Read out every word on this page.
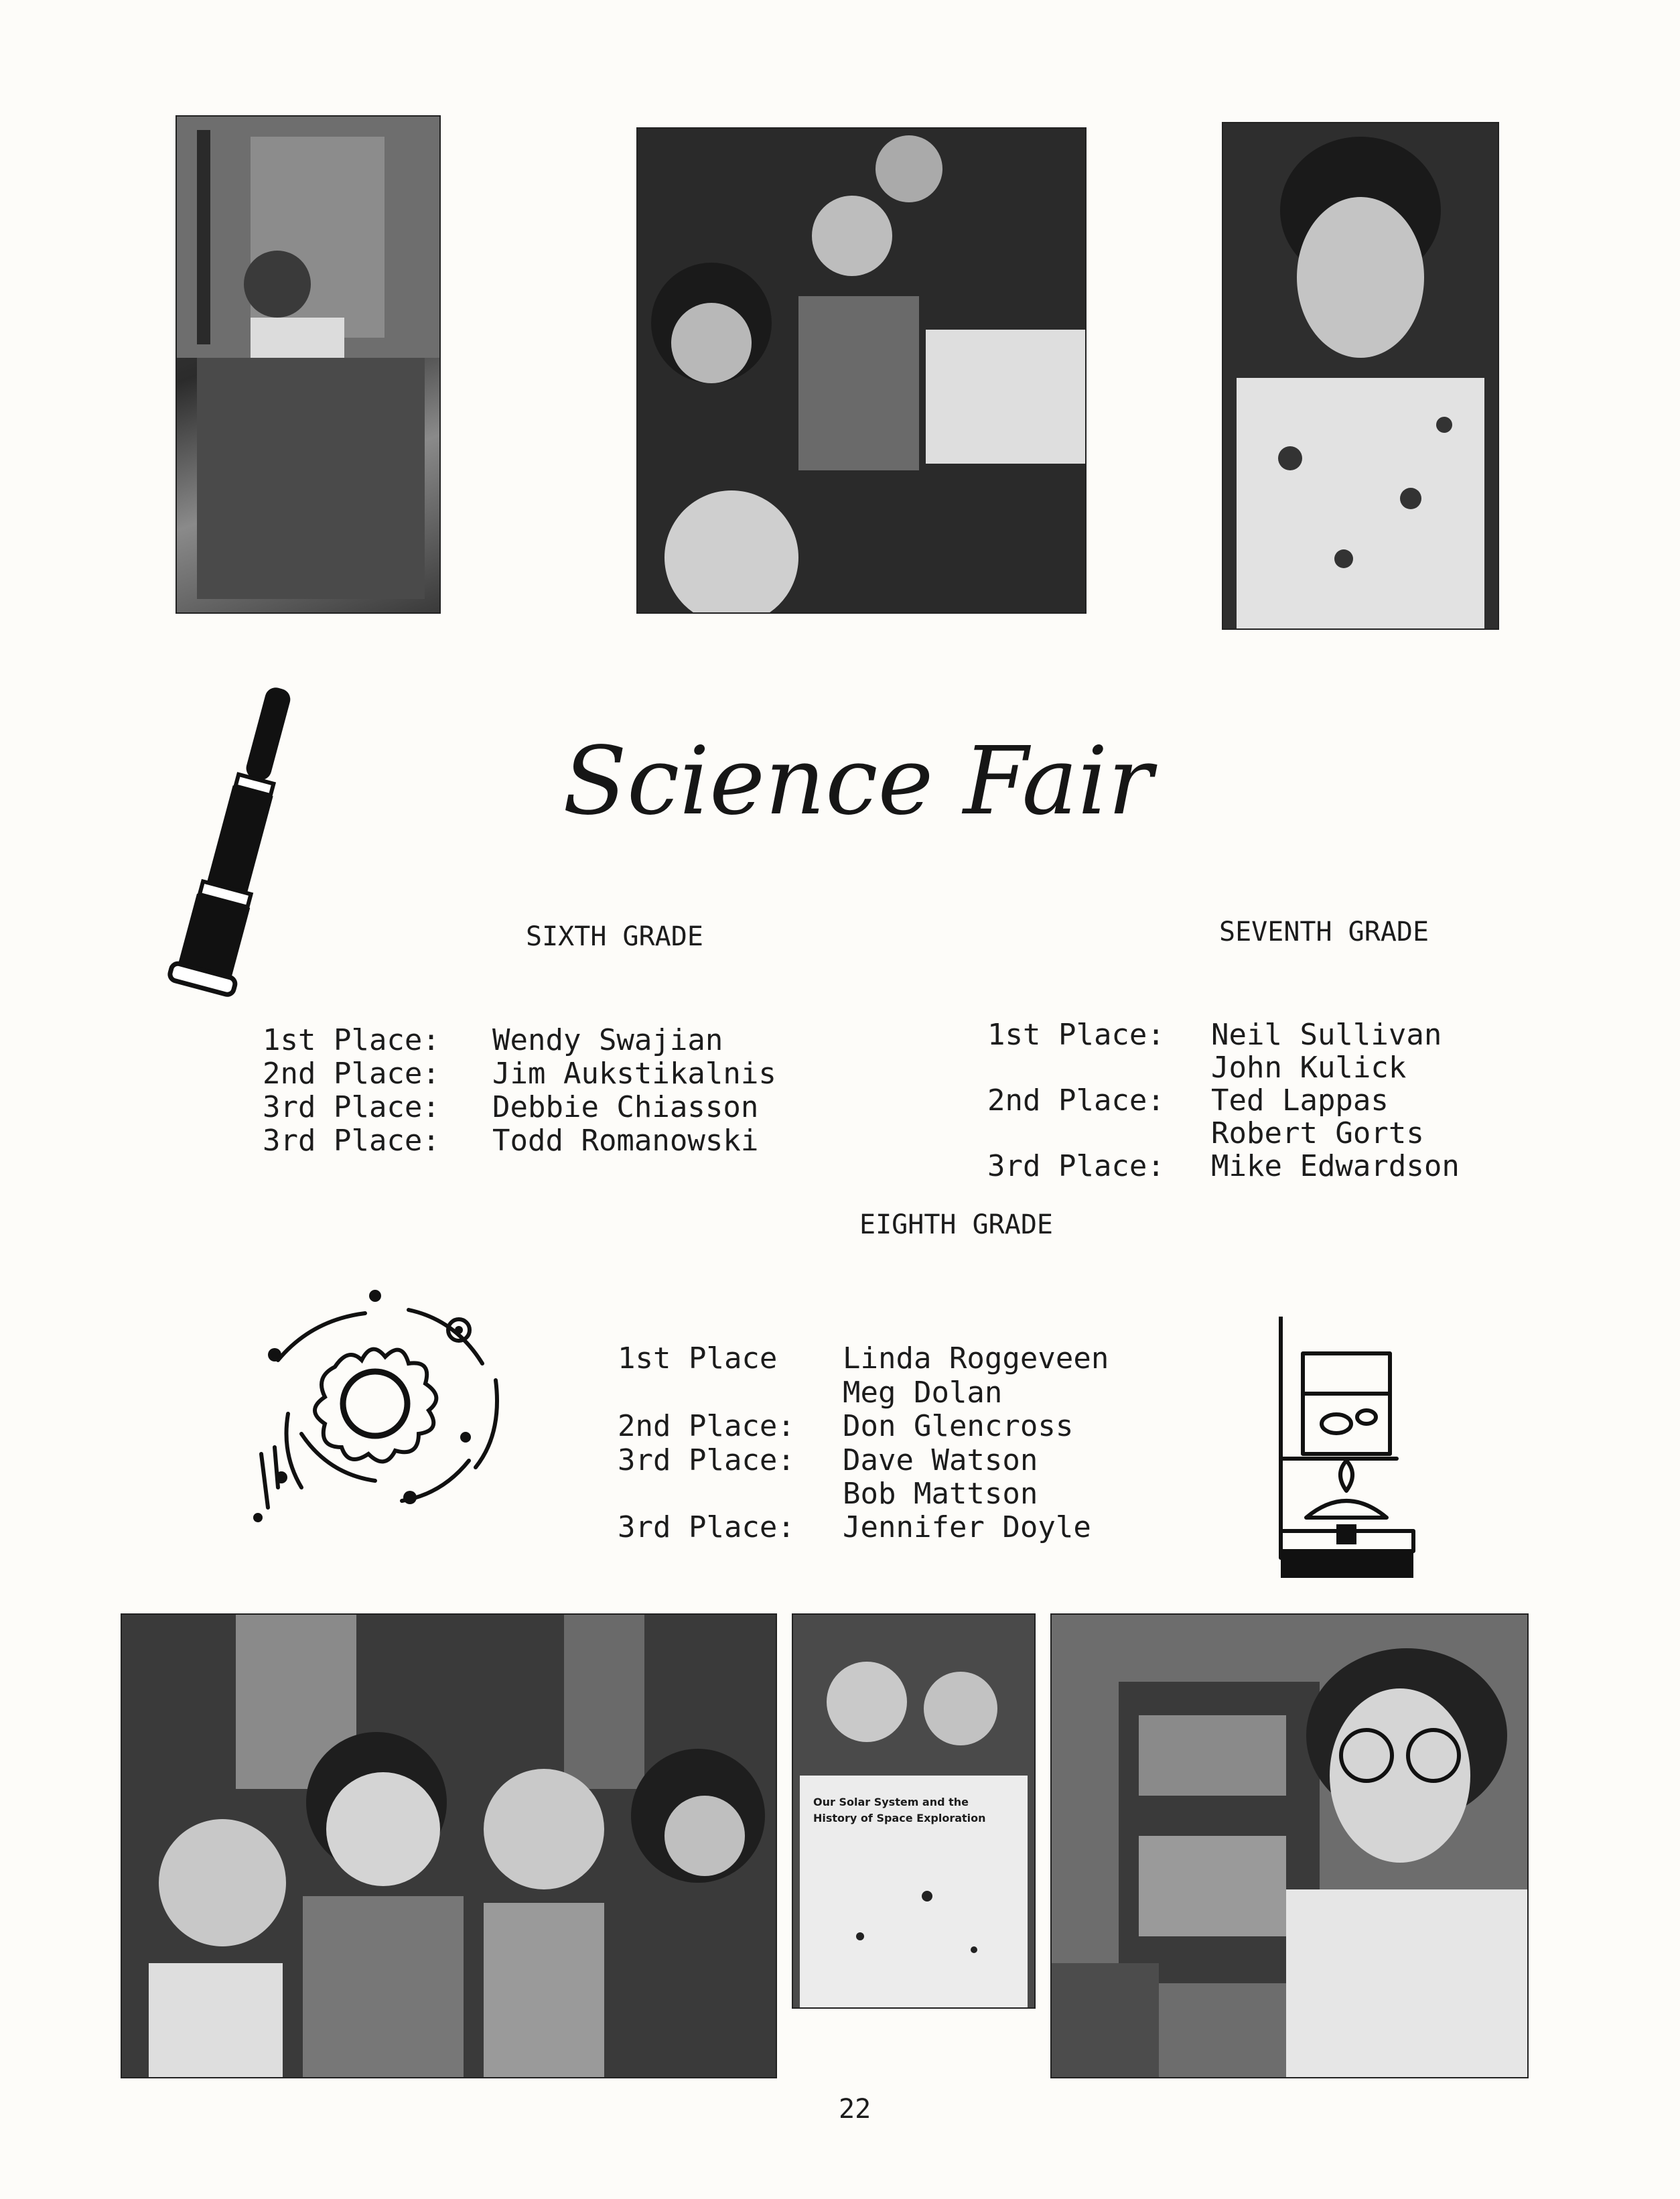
Science Fair
SIXTH GRADE
1st Place:
2nd Place:
3rd Place:
3rd Place:
Wendy Swajian
Jim Aukstikalnis
Debbie Chiasson
Todd Romanowski
SEVENTH GRADE
1st Place:
2nd Place:
3rd Place:
Neil Sullivan
John Kulick
Ted Lappas
Robert Gorts
Mike Edwardson
EIGHTH GRADE
1st Place
2nd Place:
3rd Place:
3rd Place:
Linda Roggeveen
Meg Dolan
Don Glencross
Dave Watson
Bob Mattson
Jennifer Doyle
Our Solar System and the
History of Space Exploration
22
